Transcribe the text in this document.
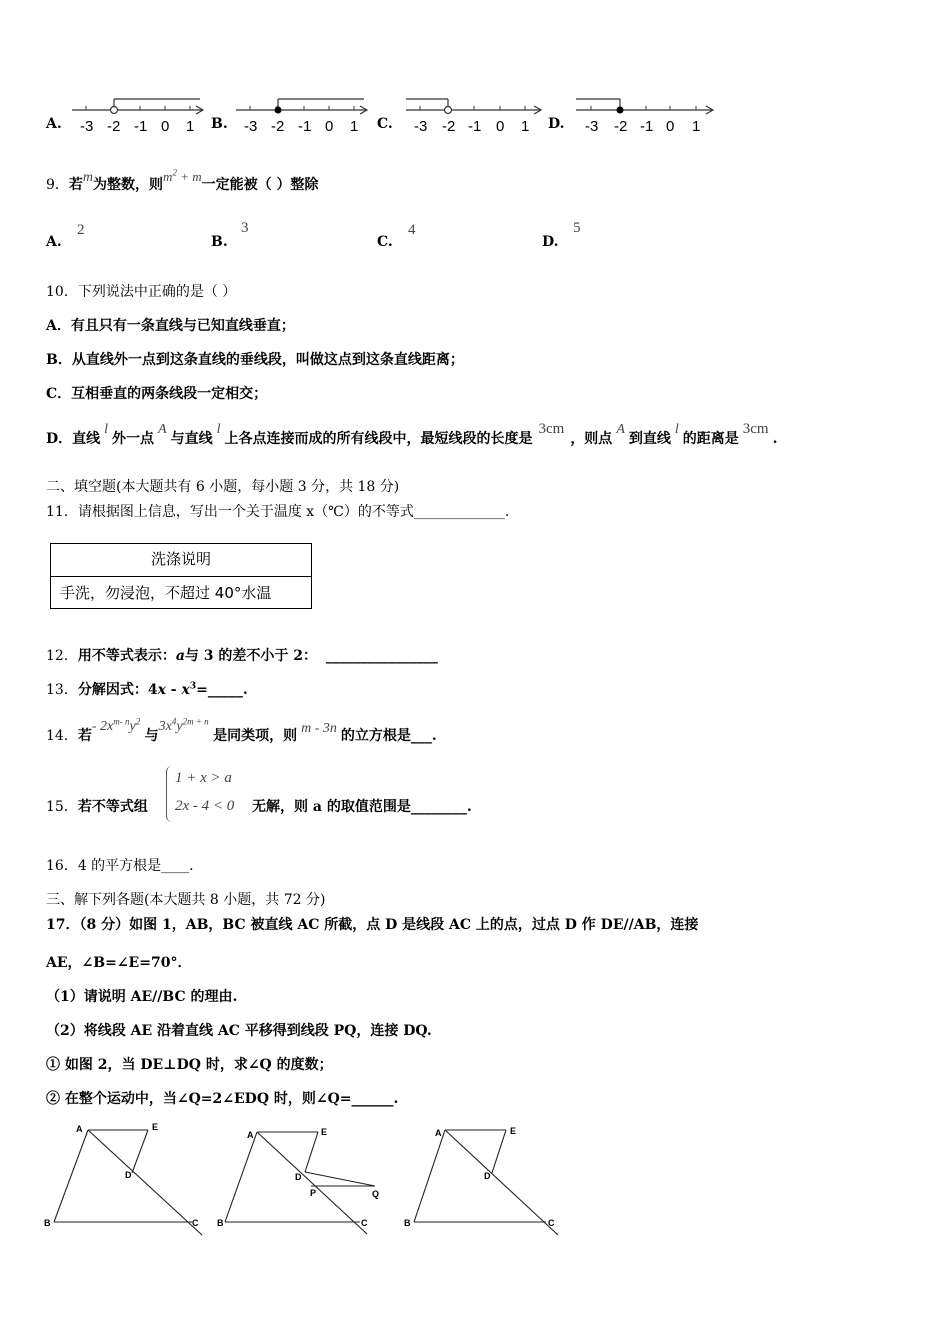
A.	B.	C.	D.
-3 -2 -1 0 1	-3 -2 -1 0 1	-3 -2 -1 0 1	-3 -2 -1 0 1
9．若m为整数，则$m^2 + m$一定能被（ ）整除
A.
2
B.
3
C.
4
D.
5
10．下列说法中正确的是（ ）
A．有且只有一条直线与已知直线垂直；
B．从直线外一点到这条直线的垂线段，叫做这点到这条直线距离；
C．互相垂直的两条线段一定相交；
D．直线l外一点A与直线l上各点连接而成的所有线段中，最短线段的长度是3cm，则点A到直线l的距离是3cm.
二、填空题(本大题共有 6 小题，每小题 3 分，共 18 分)
11．请根据图上信息，写出一个关于温度 x（℃）的不等式_____________.
洗涤说明
手洗，勿浸泡，不超过 40°水温
12．用不等式表示：a与 3 的差不小于 2： ________________
13．分解因式：$4x - x^3=\_\_\_\_\_$.
14．若- $2x^{m- n}y^2$ 与$3x^4y^{2m + n}$ 是同类项，则 m - 3n 的立方根是___.
15．若不等式组
1 + x > a
2x - 4 < 0 无解，则 a 的取值范围是________.
16．4 的平方根是____.
三、解下列各题(本大题共 8 小题，共 72 分)
17．（8 分）如图 1，AB，BC 被直线 AC 所截，点 D 是线段 AC 上的点，过点 D 作 DE//AB，连接
AE，∠B=∠E=70°．
（1）请说明 AE//BC 的理由.
（2）将线段 AE 沿着直线 AC 平移得到线段 PQ，连接 DQ.
① 如图 2，当 DE⊥DQ 时，求∠Q 的度数；
② 在整个运动中，当∠Q=2∠EDQ 时，则∠Q=______.
A	E
D
B	C
A	E
D
P	Q
B	C
A	E
D
B	C
